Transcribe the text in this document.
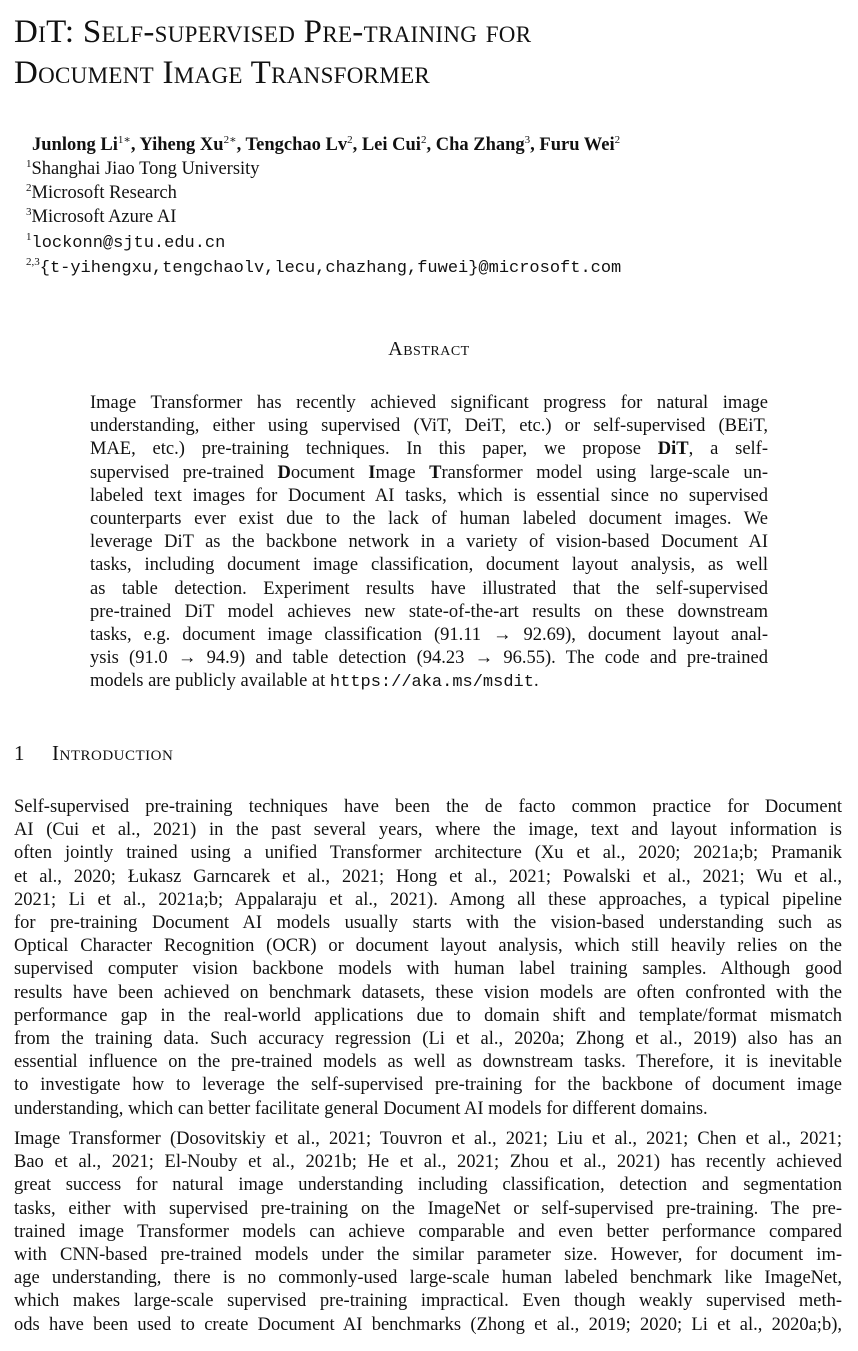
DiT: Self-supervised Pre-training for
Document Image Transformer
Junlong $Li^{1∗}$, Yiheng $Xu^{2∗}$, Tengchao Lv$^2$, Lei Cui$^2$, Cha Zhang$^3$, Furu Wei$^2$
$^1$Shanghai Jiao Tong University
$^2$Microsoft Research
$^3$Microsoft Azure AI
$^1$lockonn@sjtu.edu.cn
$^{2,3}${t-yihengxu,tengchaolv,lecu,chazhang,fuwei}@microsoft.com
Abstract
Image Transformer has recently achieved significant progress for natural image
understanding, either using supervised (ViT, DeiT, etc.) or self-supervised (BEiT,
MAE, etc.) pre-training techniques. In this paper, we propose DiT, a self-
supervised pre-trained Document Image Transformer model using large-scale un-
labeled text images for Document AI tasks, which is essential since no supervised
counterparts ever exist due to the lack of human labeled document images. We
leverage DiT as the backbone network in a variety of vision-based Document AI
tasks, including document image classification, document layout analysis, as well
as table detection. Experiment results have illustrated that the self-supervised
pre-trained DiT model achieves new state-of-the-art results on these downstream
tasks, e.g. document image classification (91.11 → 92.69), document layout anal-
ysis (91.0 → 94.9) and table detection (94.23 → 96.55). The code and pre-trained
models are publicly available at https://aka.ms/msdit.
1 Introduction
Self-supervised pre-training techniques have been the de facto common practice for Document
AI (Cui et al., 2021) in the past several years, where the image, text and layout information is
often jointly trained using a unified Transformer architecture (Xu et al., 2020; 2021a;b; Pramanik
et al., 2020; Łukasz Garncarek et al., 2021; Hong et al., 2021; Powalski et al., 2021; Wu et al.,
2021; Li et al., 2021a;b; Appalaraju et al., 2021). Among all these approaches, a typical pipeline
for pre-training Document AI models usually starts with the vision-based understanding such as
Optical Character Recognition (OCR) or document layout analysis, which still heavily relies on the
supervised computer vision backbone models with human label training samples. Although good
results have been achieved on benchmark datasets, these vision models are often confronted with the
performance gap in the real-world applications due to domain shift and template/format mismatch
from the training data. Such accuracy regression (Li et al., 2020a; Zhong et al., 2019) also has an
essential influence on the pre-trained models as well as downstream tasks. Therefore, it is inevitable
to investigate how to leverage the self-supervised pre-training for the backbone of document image
understanding, which can better facilitate general Document AI models for different domains.
Image Transformer (Dosovitskiy et al., 2021; Touvron et al., 2021; Liu et al., 2021; Chen et al., 2021;
Bao et al., 2021; El-Nouby et al., 2021b; He et al., 2021; Zhou et al., 2021) has recently achieved
great success for natural image understanding including classification, detection and segmentation
tasks, either with supervised pre-training on the ImageNet or self-supervised pre-training. The pre-
trained image Transformer models can achieve comparable and even better performance compared
with CNN-based pre-trained models under the similar parameter size. However, for document im-
age understanding, there is no commonly-used large-scale human labeled benchmark like ImageNet,
which makes large-scale supervised pre-training impractical. Even though weakly supervised meth-
ods have been used to create Document AI benchmarks (Zhong et al., 2019; 2020; Li et al., 2020a;b),
